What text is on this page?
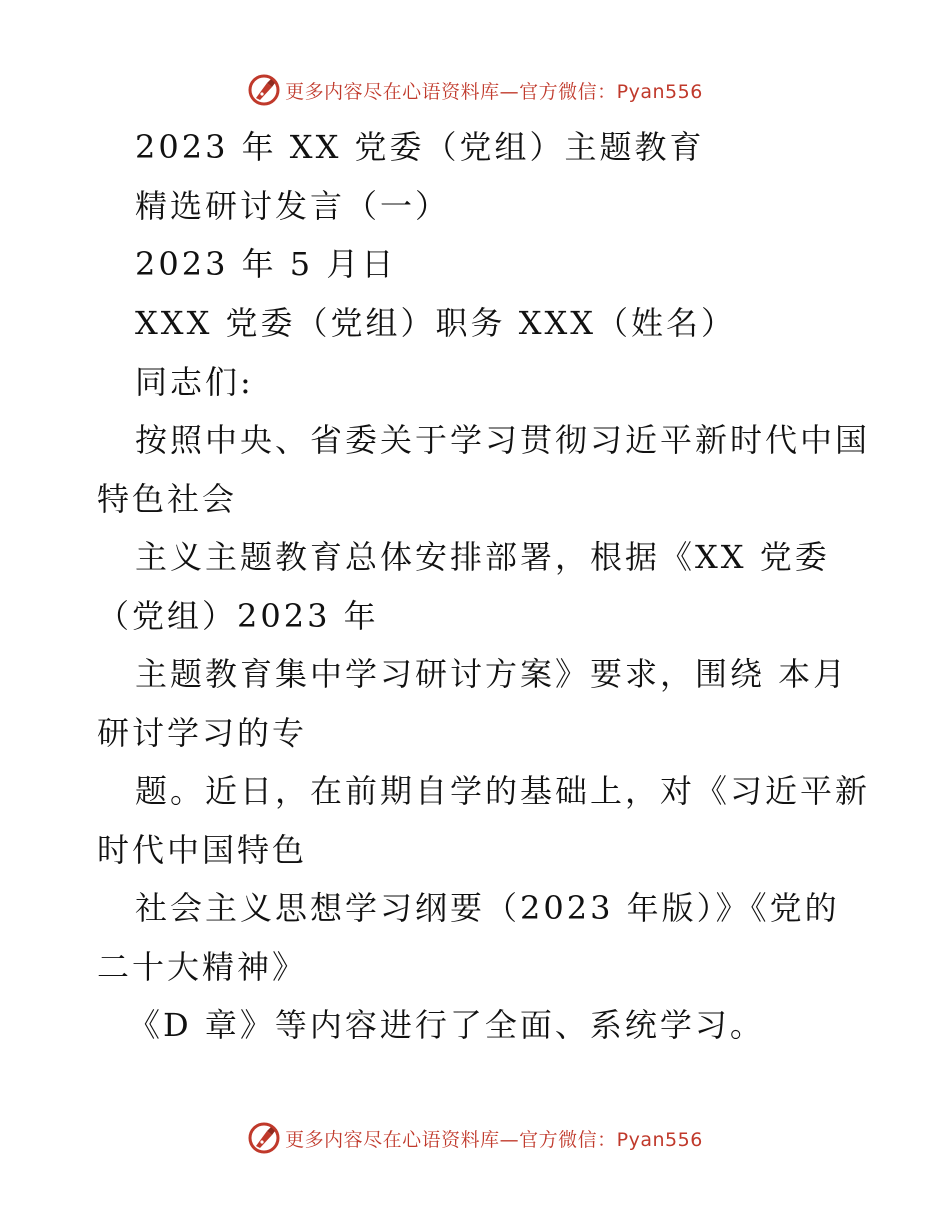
更多内容尽在心语资料库—官方微信：Pyan556
2023 年 XX 党委（党组）主题教育
精选研讨发言（一）
2023 年 5 月日
XXX 党委（党组）职务 XXX（姓名）
同志们:
按照中央、省委关于学习贯彻习近平新时代中国
特色社会
主义主题教育总体安排部署，根据《XX 党委
（党组）2023 年
主题教育集中学习研讨方案》要求，围绕 本月
研讨学习的专
题。近日，在前期自学的基础上，对《习近平新
时代中国特色
社会主义思想学习纲要（2023 年版）》《党的
二十大精神》
《D 章》等内容进行了全面、系统学习。
更多内容尽在心语资料库—官方微信：Pyan556
